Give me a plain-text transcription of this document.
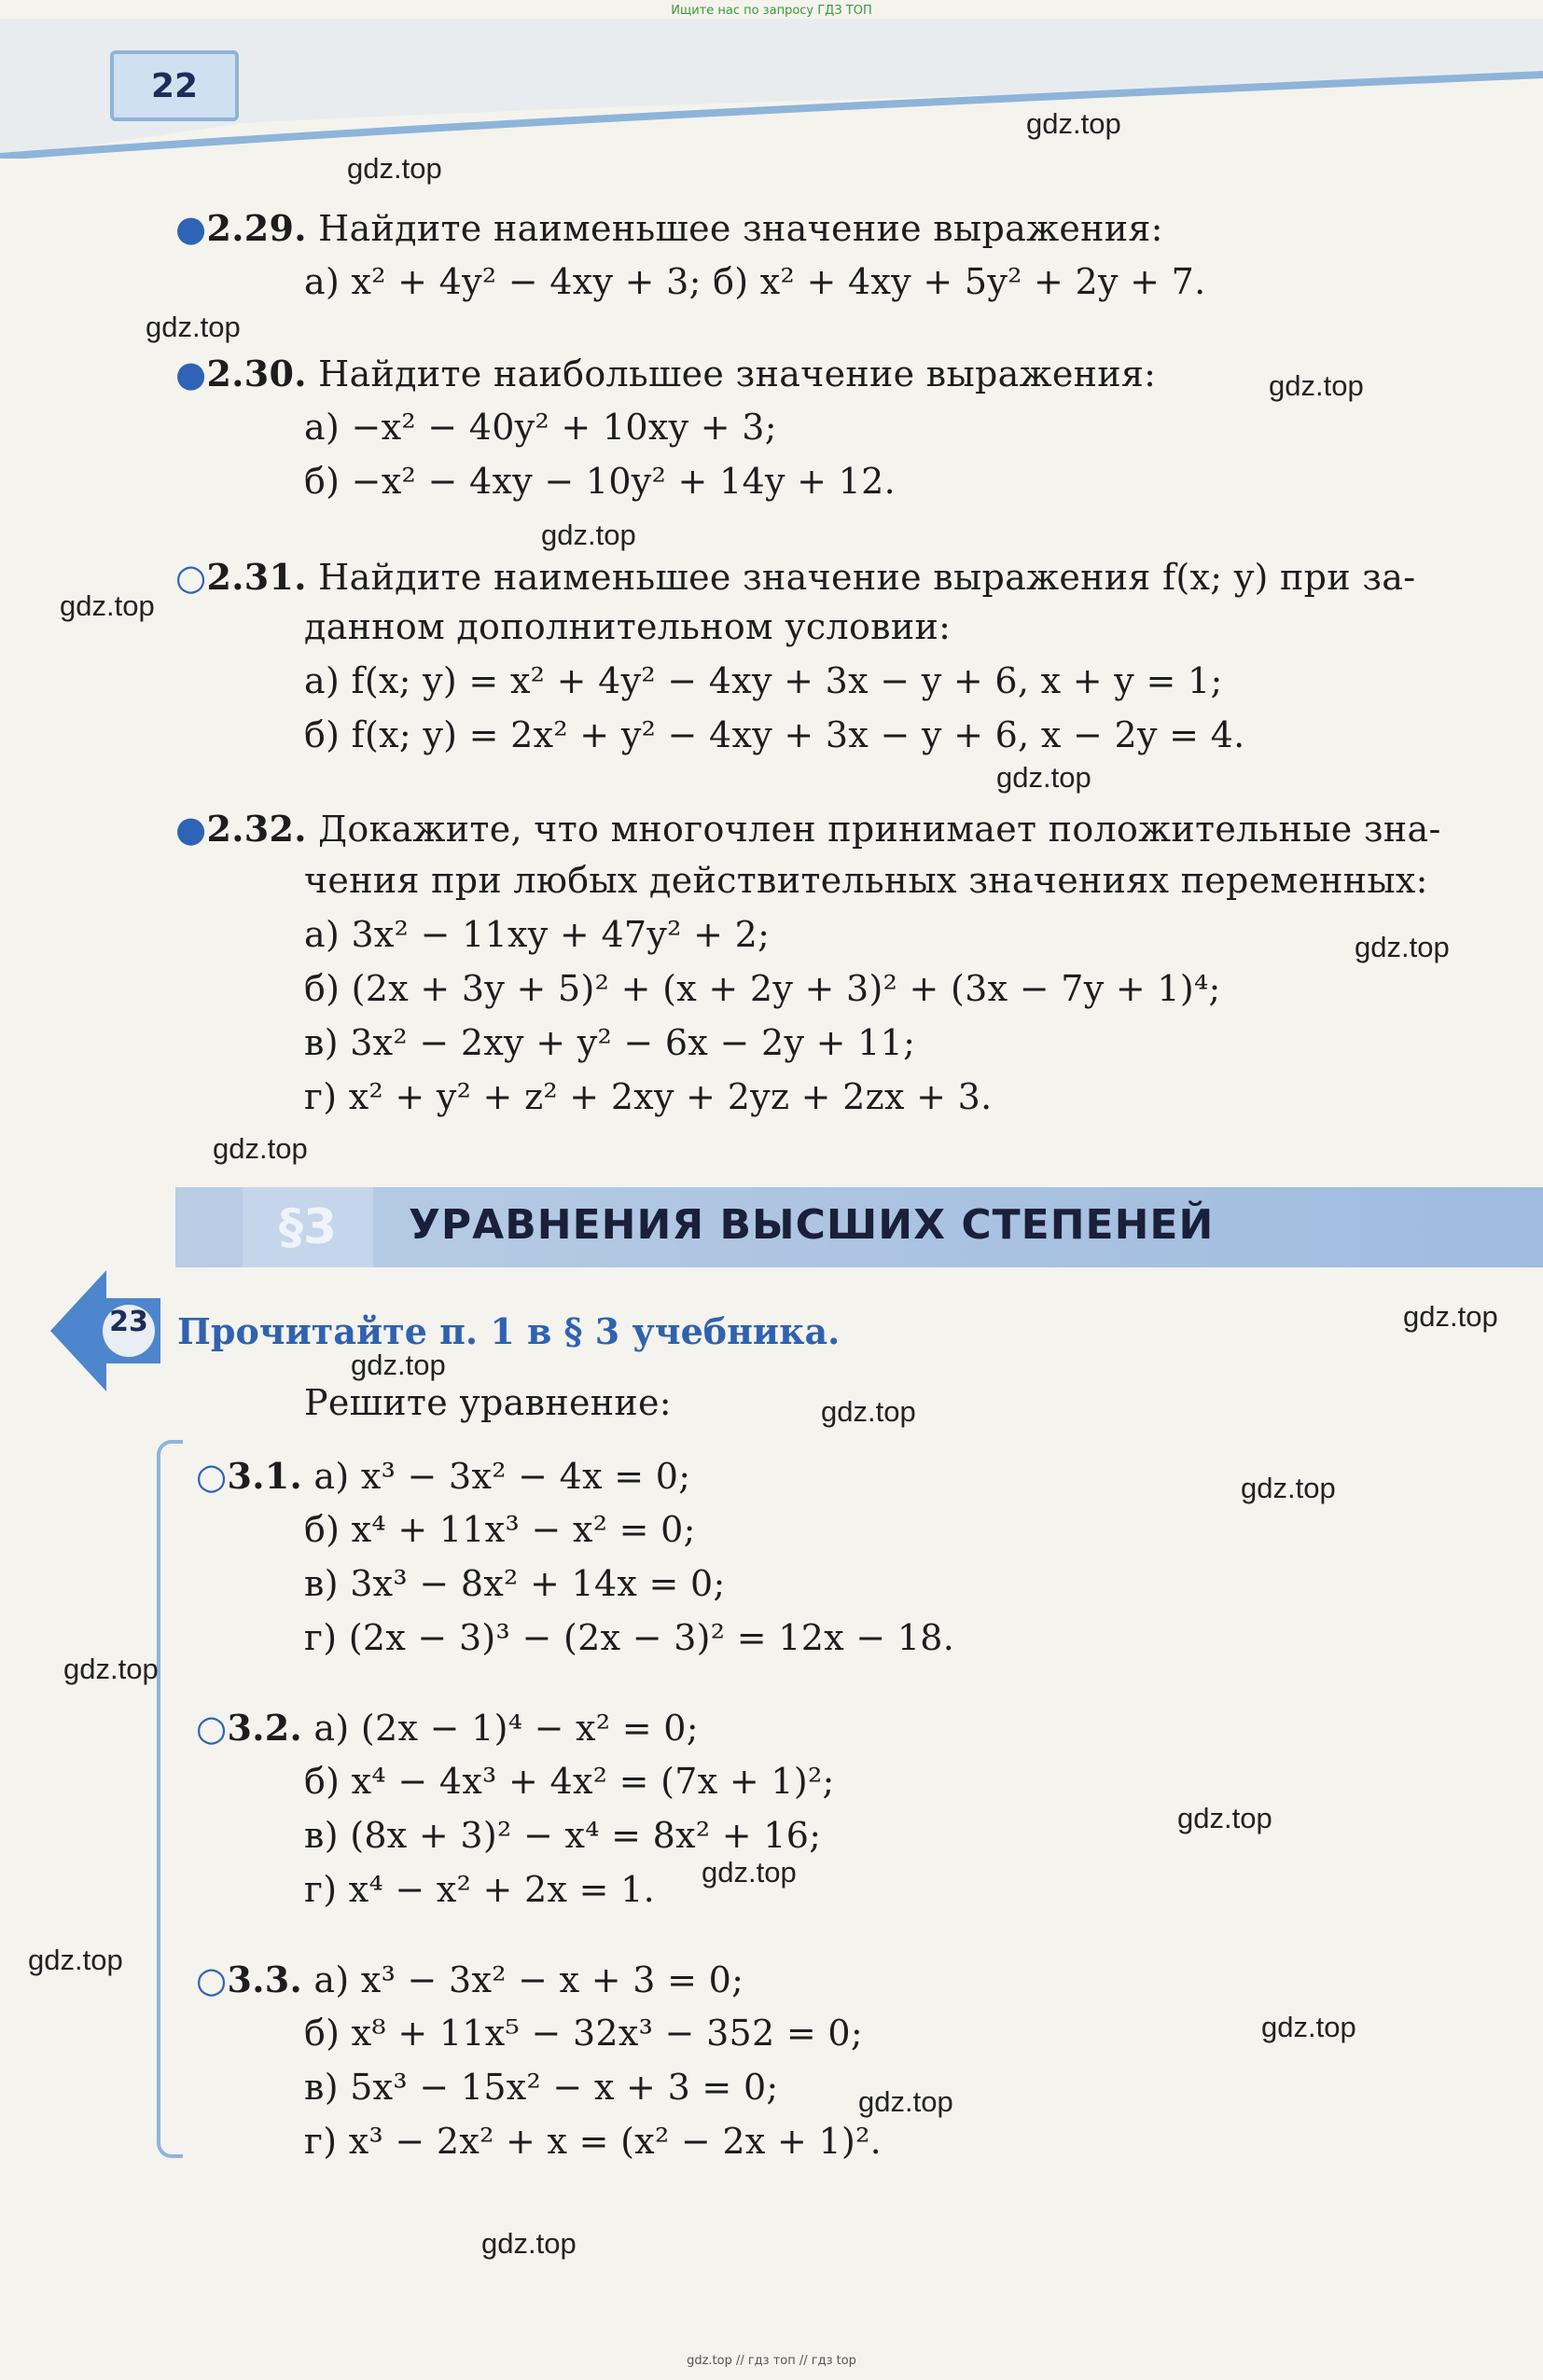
Ищите нас по запросу ГДЗ ТОП
22
●2.29. Найдите наименьшее значение выражения:
а) x² + 4y² − 4xy + 3; б) x² + 4xy + 5y² + 2y + 7.
●2.30. Найдите наибольшее значение выражения:
а) −x² − 40y² + 10xy + 3;
б) −x² − 4xy − 10y² + 14y + 12.
○2.31. Найдите наименьшее значение выражения f(x; y) при за-
данном дополнительном условии:
а) f(x; y) = x² + 4y² − 4xy + 3x − y + 6, x + y = 1;
б) f(x; y) = 2x² + y² − 4xy + 3x − y + 6, x − 2y = 4.
●2.32. Докажите, что многочлен принимает положительные зна-
чения при любых действительных значениях переменных:
а) 3x² − 11xy + 47y² + 2;
б) (2x + 3y + 5)² + (x + 2y + 3)² + (3x − 7y + 1)⁴;
в) 3x² − 2xy + y² − 6x − 2y + 11;
г) x² + y² + z² + 2xy + 2yz + 2zx + 3.
§3	УРАВНЕНИЯ ВЫСШИХ СТЕПЕНЕЙ
23 Прочитайте п. 1 в § 3 учебника.
Решите уравнение:
○3.1. а) x³ − 3x² − 4x = 0;
б) x⁴ + 11x³ − x² = 0;
в) 3x³ − 8x² + 14x = 0;
г) (2x − 3)³ − (2x − 3)² = 12x − 18.
○3.2. а) (2x − 1)⁴ − x² = 0;
б) x⁴ − 4x³ + 4x² = (7x + 1)²;
в) (8x + 3)² − x⁴ = 8x² + 16;
г) x⁴ − x² + 2x = 1.
○3.3. а) x³ − 3x² − x + 3 = 0;
б) x⁸ + 11x⁵ − 32x³ − 352 = 0;
в) 5x³ − 15x² − x + 3 = 0;
г) x³ − 2x² + x = (x² − 2x + 1)².
gdz.top
gdz.top
gdz.top
gdz.top
gdz.top
gdz.top
gdz.top
gdz.top
gdz.top
gdz.top
gdz.top
gdz.top
gdz.top
gdz.top
gdz.top
gdz.top
gdz.top
gdz.top
gdz.top
gdz.top
gdz.top // гдз топ // гдз top
